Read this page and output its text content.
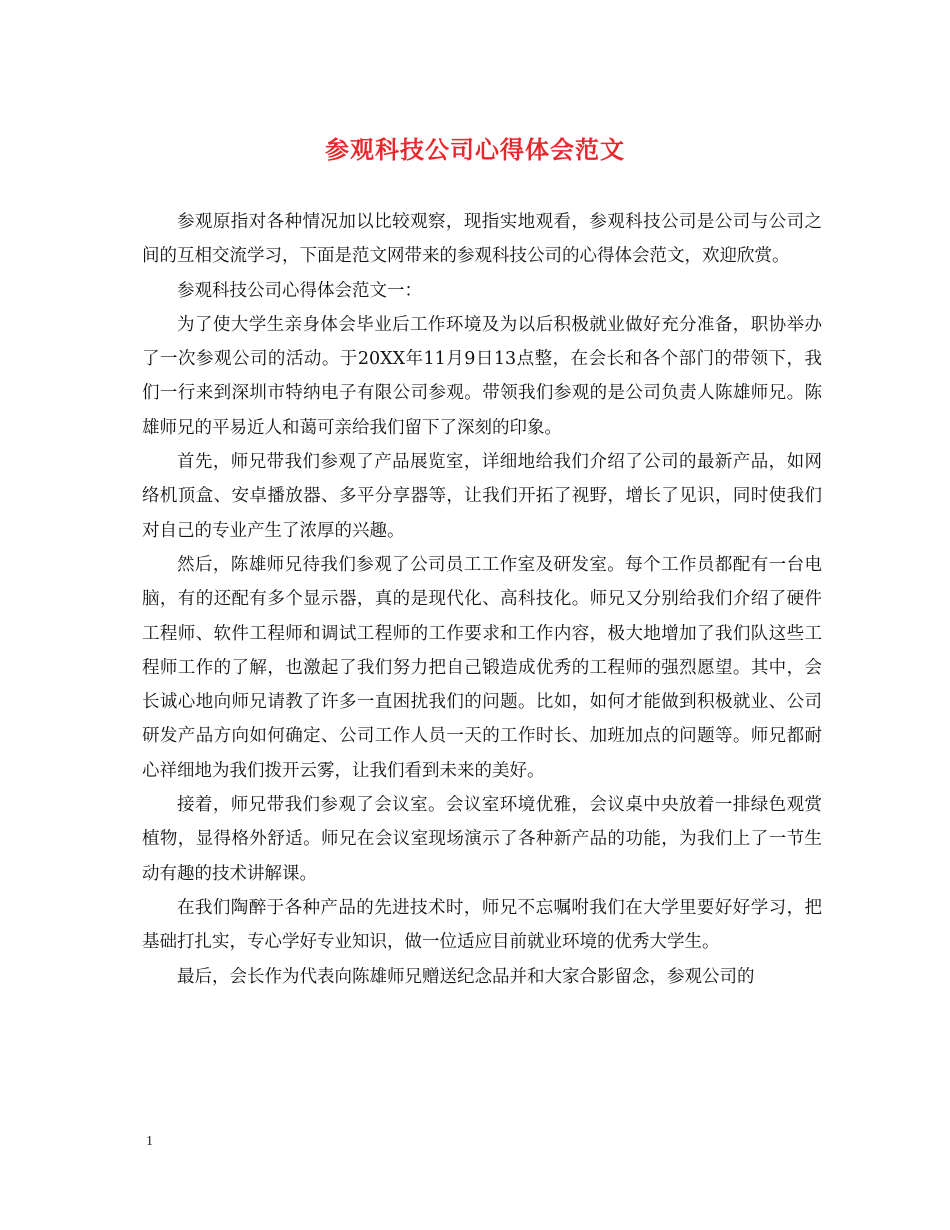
参观科技公司心得体会范文

参观原指对各种情况加以比较观察，现指实地观看，参观科技公司是公司与公司之间的互相交流学习，下面是范文网带来的参观科技公司的心得体会范文，欢迎欣赏。

参观科技公司心得体会范文一：

为了使大学生亲身体会毕业后工作环境及为以后积极就业做好充分准备，职协举办了一次参观公司的活动。于20XX年11月9日13点整，在会长和各个部门的带领下，我们一行来到深圳市特纳电子有限公司参观。带领我们参观的是公司负责人陈雄师兄。陈雄师兄的平易近人和蔼可亲给我们留下了深刻的印象。

首先，师兄带我们参观了产品展览室，详细地给我们介绍了公司的最新产品，如网络机顶盒、安卓播放器、多平分享器等，让我们开拓了视野，增长了见识，同时使我们对自己的专业产生了浓厚的兴趣。

然后，陈雄师兄待我们参观了公司员工工作室及研发室。每个工作员都配有一台电脑，有的还配有多个显示器，真的是现代化、高科技化。师兄又分别给我们介绍了硬件工程师、软件工程师和调试工程师的工作要求和工作内容，极大地增加了我们队这些工程师工作的了解，也激起了我们努力把自己锻造成优秀的工程师的强烈愿望。其中，会长诚心地向师兄请教了许多一直困扰我们的问题。比如，如何才能做到积极就业、公司研发产品方向如何确定、公司工作人员一天的工作时长、加班加点的问题等。师兄都耐心祥细地为我们拨开云雾，让我们看到未来的美好。

接着，师兄带我们参观了会议室。会议室环境优雅，会议桌中央放着一排绿色观赏植物，显得格外舒适。师兄在会议室现场演示了各种新产品的功能，为我们上了一节生动有趣的技术讲解课。

在我们陶醉于各种产品的先进技术时，师兄不忘嘱咐我们在大学里要好好学习，把基础打扎实，专心学好专业知识，做一位适应目前就业环境的优秀大学生。

最后，会长作为代表向陈雄师兄赠送纪念品并和大家合影留念，参观公司的

1
